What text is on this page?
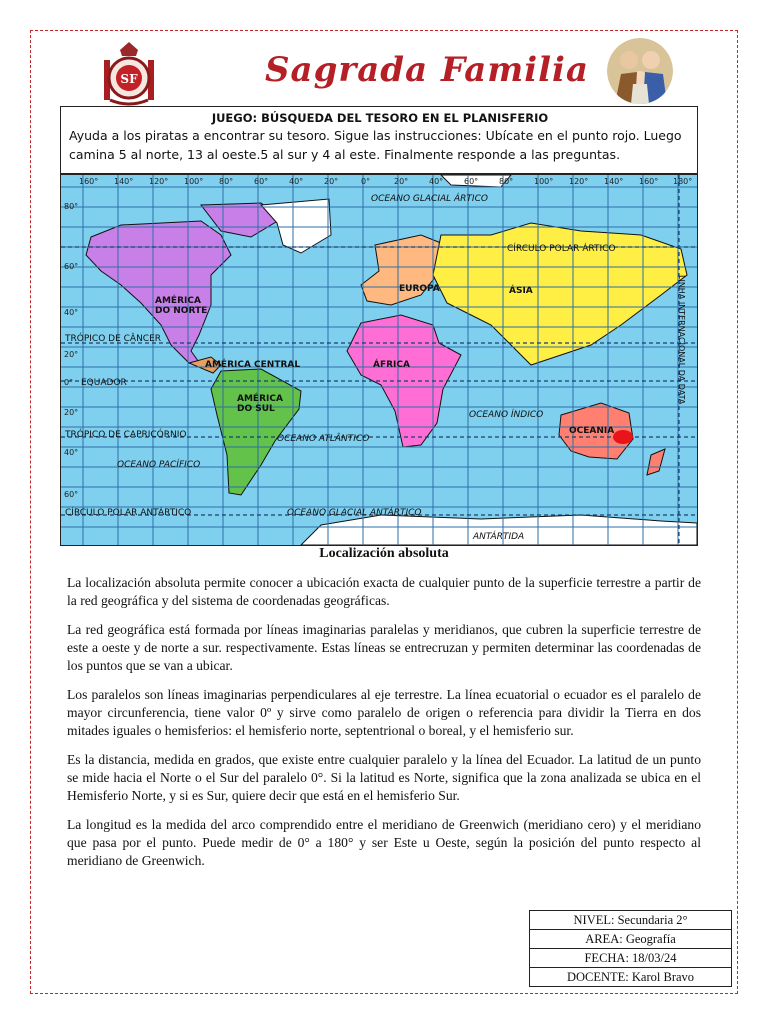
SF	Sagrada Familia
JUEGO: BÚSQUEDA DEL TESORO EN EL PLANISFERIO
Ayuda a los piratas a encontrar su tesoro. Sigue las instrucciones: Ubícate en el punto rojo. Luego camina 5 al norte, 13 al oeste.5 al sur y 4 al este. Finalmente responde a las preguntas.
160° 140° 120° 100° 80°	60°	40°	20°	0°	20°	40°	60°	80°	100° 120° 140° 160° 180°
80°
60°
40°
20°
0°
20°
40°
60°
OCEANO GLACIAL ÁRTICO
CÍRCULO POLAR ÁRTICO
AMÉRICA
DO NORTE
EUROPA	ÁSIA
TRÓPICO DE CÂNCER
AMÉRICA CENTRAL	ÁFRICA
EQUADOR
AMÉRICA
DO SUL
OCEANO ÍNDICO
TRÓPICO DE CAPRICÓRNIO	OCEANO ATLÂNTICO
OCEANIA
OCEANO PACÍFICO
CÍRCULO POLAR ANTÁRTICO	OCEANO GLACIAL ANTÁRTICO
ANTÁRTIDA
LINHA INTERNACIONAL DA DATA
Localización absoluta

La localización absoluta permite conocer a ubicación exacta de cualquier punto de la superficie terrestre a partir de la red geográfica y del sistema de coordenadas geográficas.

La red geográfica está formada por líneas imaginarias paralelas y meridianos, que cubren la superficie terrestre de este a oeste y de norte a sur. respectivamente. Estas líneas se entrecruzan y permiten determinar las coordenadas de los puntos que se van a ubicar.

Los paralelos son líneas imaginarias perpendiculares al eje terrestre. La línea ecuatorial o ecuador es el paralelo de mayor circunferencia, tiene valor 0º y sirve como paralelo de origen o referencia para dividir la Tierra en dos mitades iguales o hemisferios: el hemisferio norte, septentrional o boreal, y el hemisferio sur.

Es la distancia, medida en grados, que existe entre cualquier paralelo y la línea del Ecuador. La latitud de un punto se mide hacia el Norte o el Sur del paralelo 0°. Si la latitud es Norte, significa que la zona analizada se ubica en el Hemisferio Norte, y si es Sur, quiere decir que está en el hemisferio Sur.

La longitud es la medida del arco comprendido entre el meridiano de Greenwich (meridiano cero) y el meridiano que pasa por el punto. Puede medir de 0° a 180° y ser Este u Oeste, según la posición del punto respecto al meridiano de Greenwich.

NIVEL: Secundaria 2°
AREA: Geografía
FECHA: 18/03/24
DOCENTE: Karol Bravo
